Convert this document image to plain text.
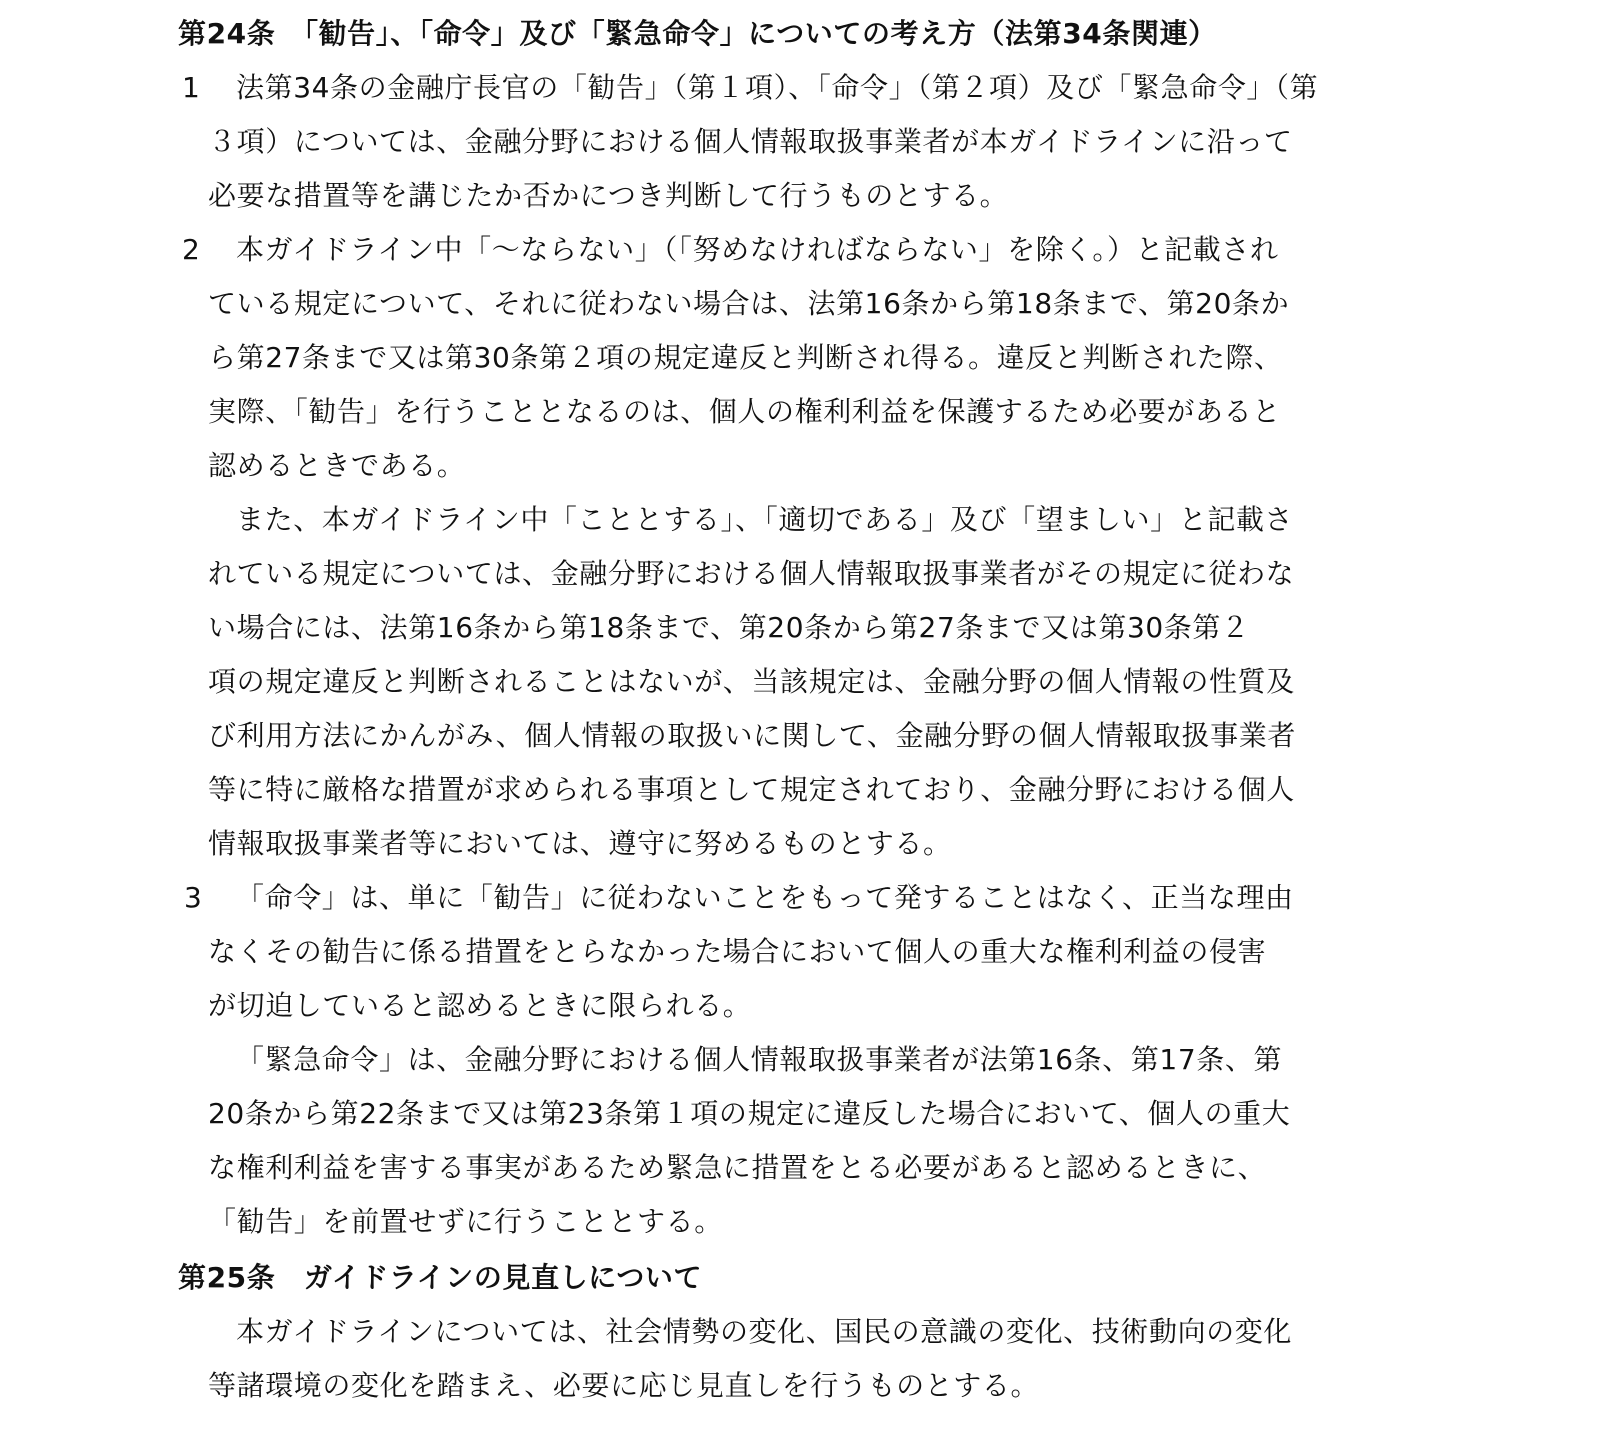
第24条　「勧告」、「命令」及び「緊急命令」についての考え方（法第34条関連）

1 法第34条の金融庁長官の「勧告」（第１項）、「命令」（第２項）及び「緊急命令」（第

３項）については、金融分野における個人情報取扱事業者が本ガイドラインに沿って

必要な措置等を講じたか否かにつき判断して行うものとする。

2 本ガイドライン中「～ならない」（「努めなければならない」を除く。）と記載され

ている規定について、それに従わない場合は、法第16条から第18条まで、第20条か

ら第27条まで又は第30条第２項の規定違反と判断され得る。違反と判断された際、

実際、「勧告」を行うこととなるのは、個人の権利利益を保護するため必要があると

認めるときである。

また、本ガイドライン中「こととする」、「適切である」及び「望ましい」と記載さ

れている規定については、金融分野における個人情報取扱事業者がその規定に従わな

い場合には、法第16条から第18条まで、第20条から第27条まで又は第30条第２

項の規定違反と判断されることはないが、当該規定は、金融分野の個人情報の性質及

び利用方法にかんがみ、個人情報の取扱いに関して、金融分野の個人情報取扱事業者

等に特に厳格な措置が求められる事項として規定されており、金融分野における個人

情報取扱事業者等においては、遵守に努めるものとする。

3 「命令」は、単に「勧告」に従わないことをもって発することはなく、正当な理由

なくその勧告に係る措置をとらなかった場合において個人の重大な権利利益の侵害

が切迫していると認めるときに限られる。

「緊急命令」は、金融分野における個人情報取扱事業者が法第16条、第17条、第

20条から第22条まで又は第23条第１項の規定に違反した場合において、個人の重大

な権利利益を害する事実があるため緊急に措置をとる必要があると認めるときに、

「勧告」を前置せずに行うこととする。

第25条　ガイドラインの見直しについて

本ガイドラインについては、社会情勢の変化、国民の意識の変化、技術動向の変化

等諸環境の変化を踏まえ、必要に応じ見直しを行うものとする。
